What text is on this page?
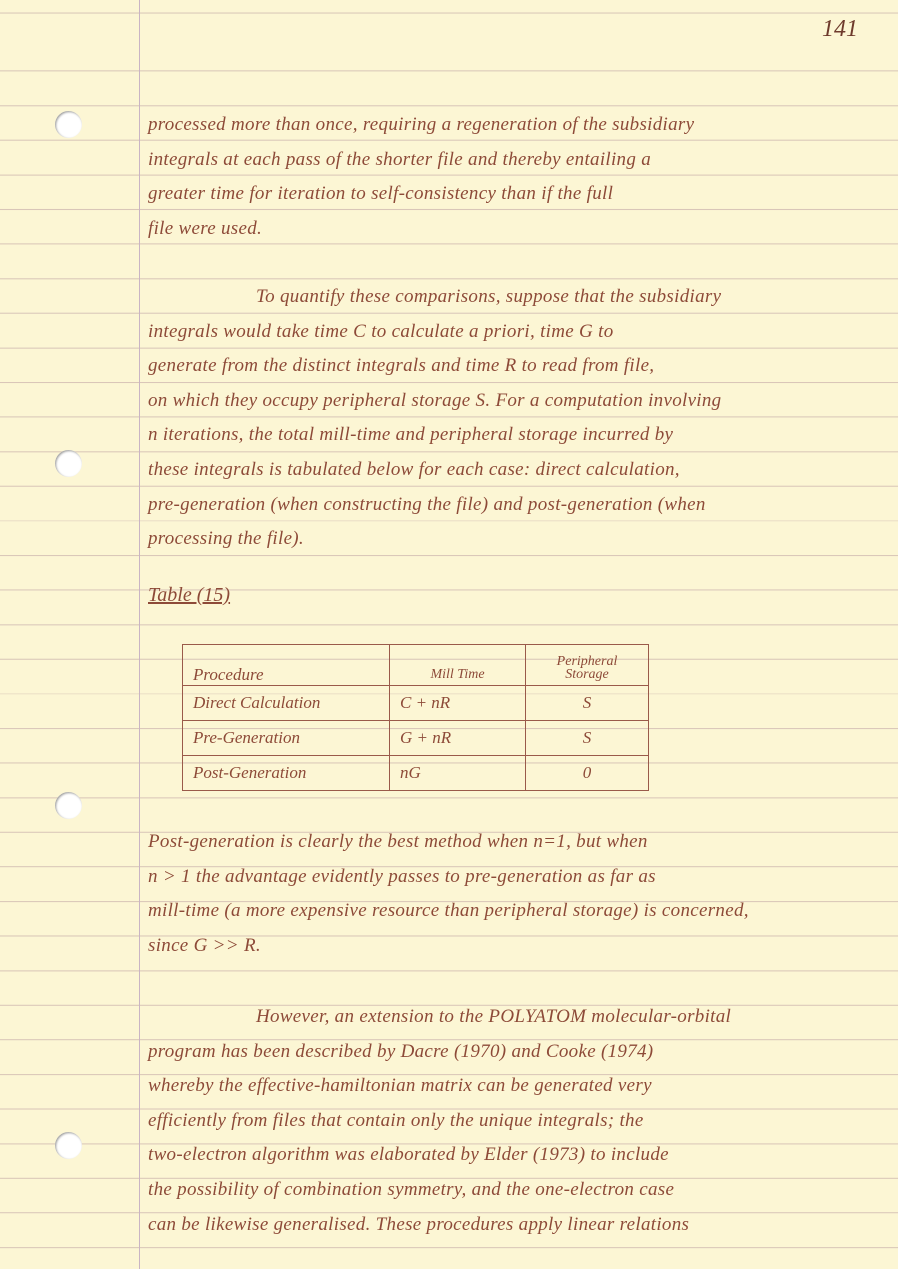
141
processed more than once, requiring a regeneration of the subsidiary
integrals at each pass of the shorter file and thereby entailing a
greater time for iteration to self-consistency than if the full
file were used.
To quantify these comparisons, suppose that the subsidiary
integrals would take time C to calculate a priori, time G to
generate from the distinct integrals and time R to read from file,
on which they occupy peripheral storage S. For a computation involving
n iterations, the total mill-time and peripheral storage incurred by
these integrals is tabulated below for each case: direct calculation,
pre-generation (when constructing the file) and post-generation (when
processing the file).
Table (15)
Procedure	Mill Time	Peripheral Storage
Direct Calculation	C + nR	S
Pre-Generation	G + nR	S
Post-Generation	nG	0
Post-generation is clearly the best method when n=1, but when
n > 1 the advantage evidently passes to pre-generation as far as
mill-time (a more expensive resource than peripheral storage) is concerned,
since G >> R.
However, an extension to the POLYATOM molecular-orbital
program has been described by Dacre (1970) and Cooke (1974)
whereby the effective-hamiltonian matrix can be generated very
efficiently from files that contain only the unique integrals; the
two-electron algorithm was elaborated by Elder (1973) to include
the possibility of combination symmetry, and the one-electron case
can be likewise generalised. These procedures apply linear relations
